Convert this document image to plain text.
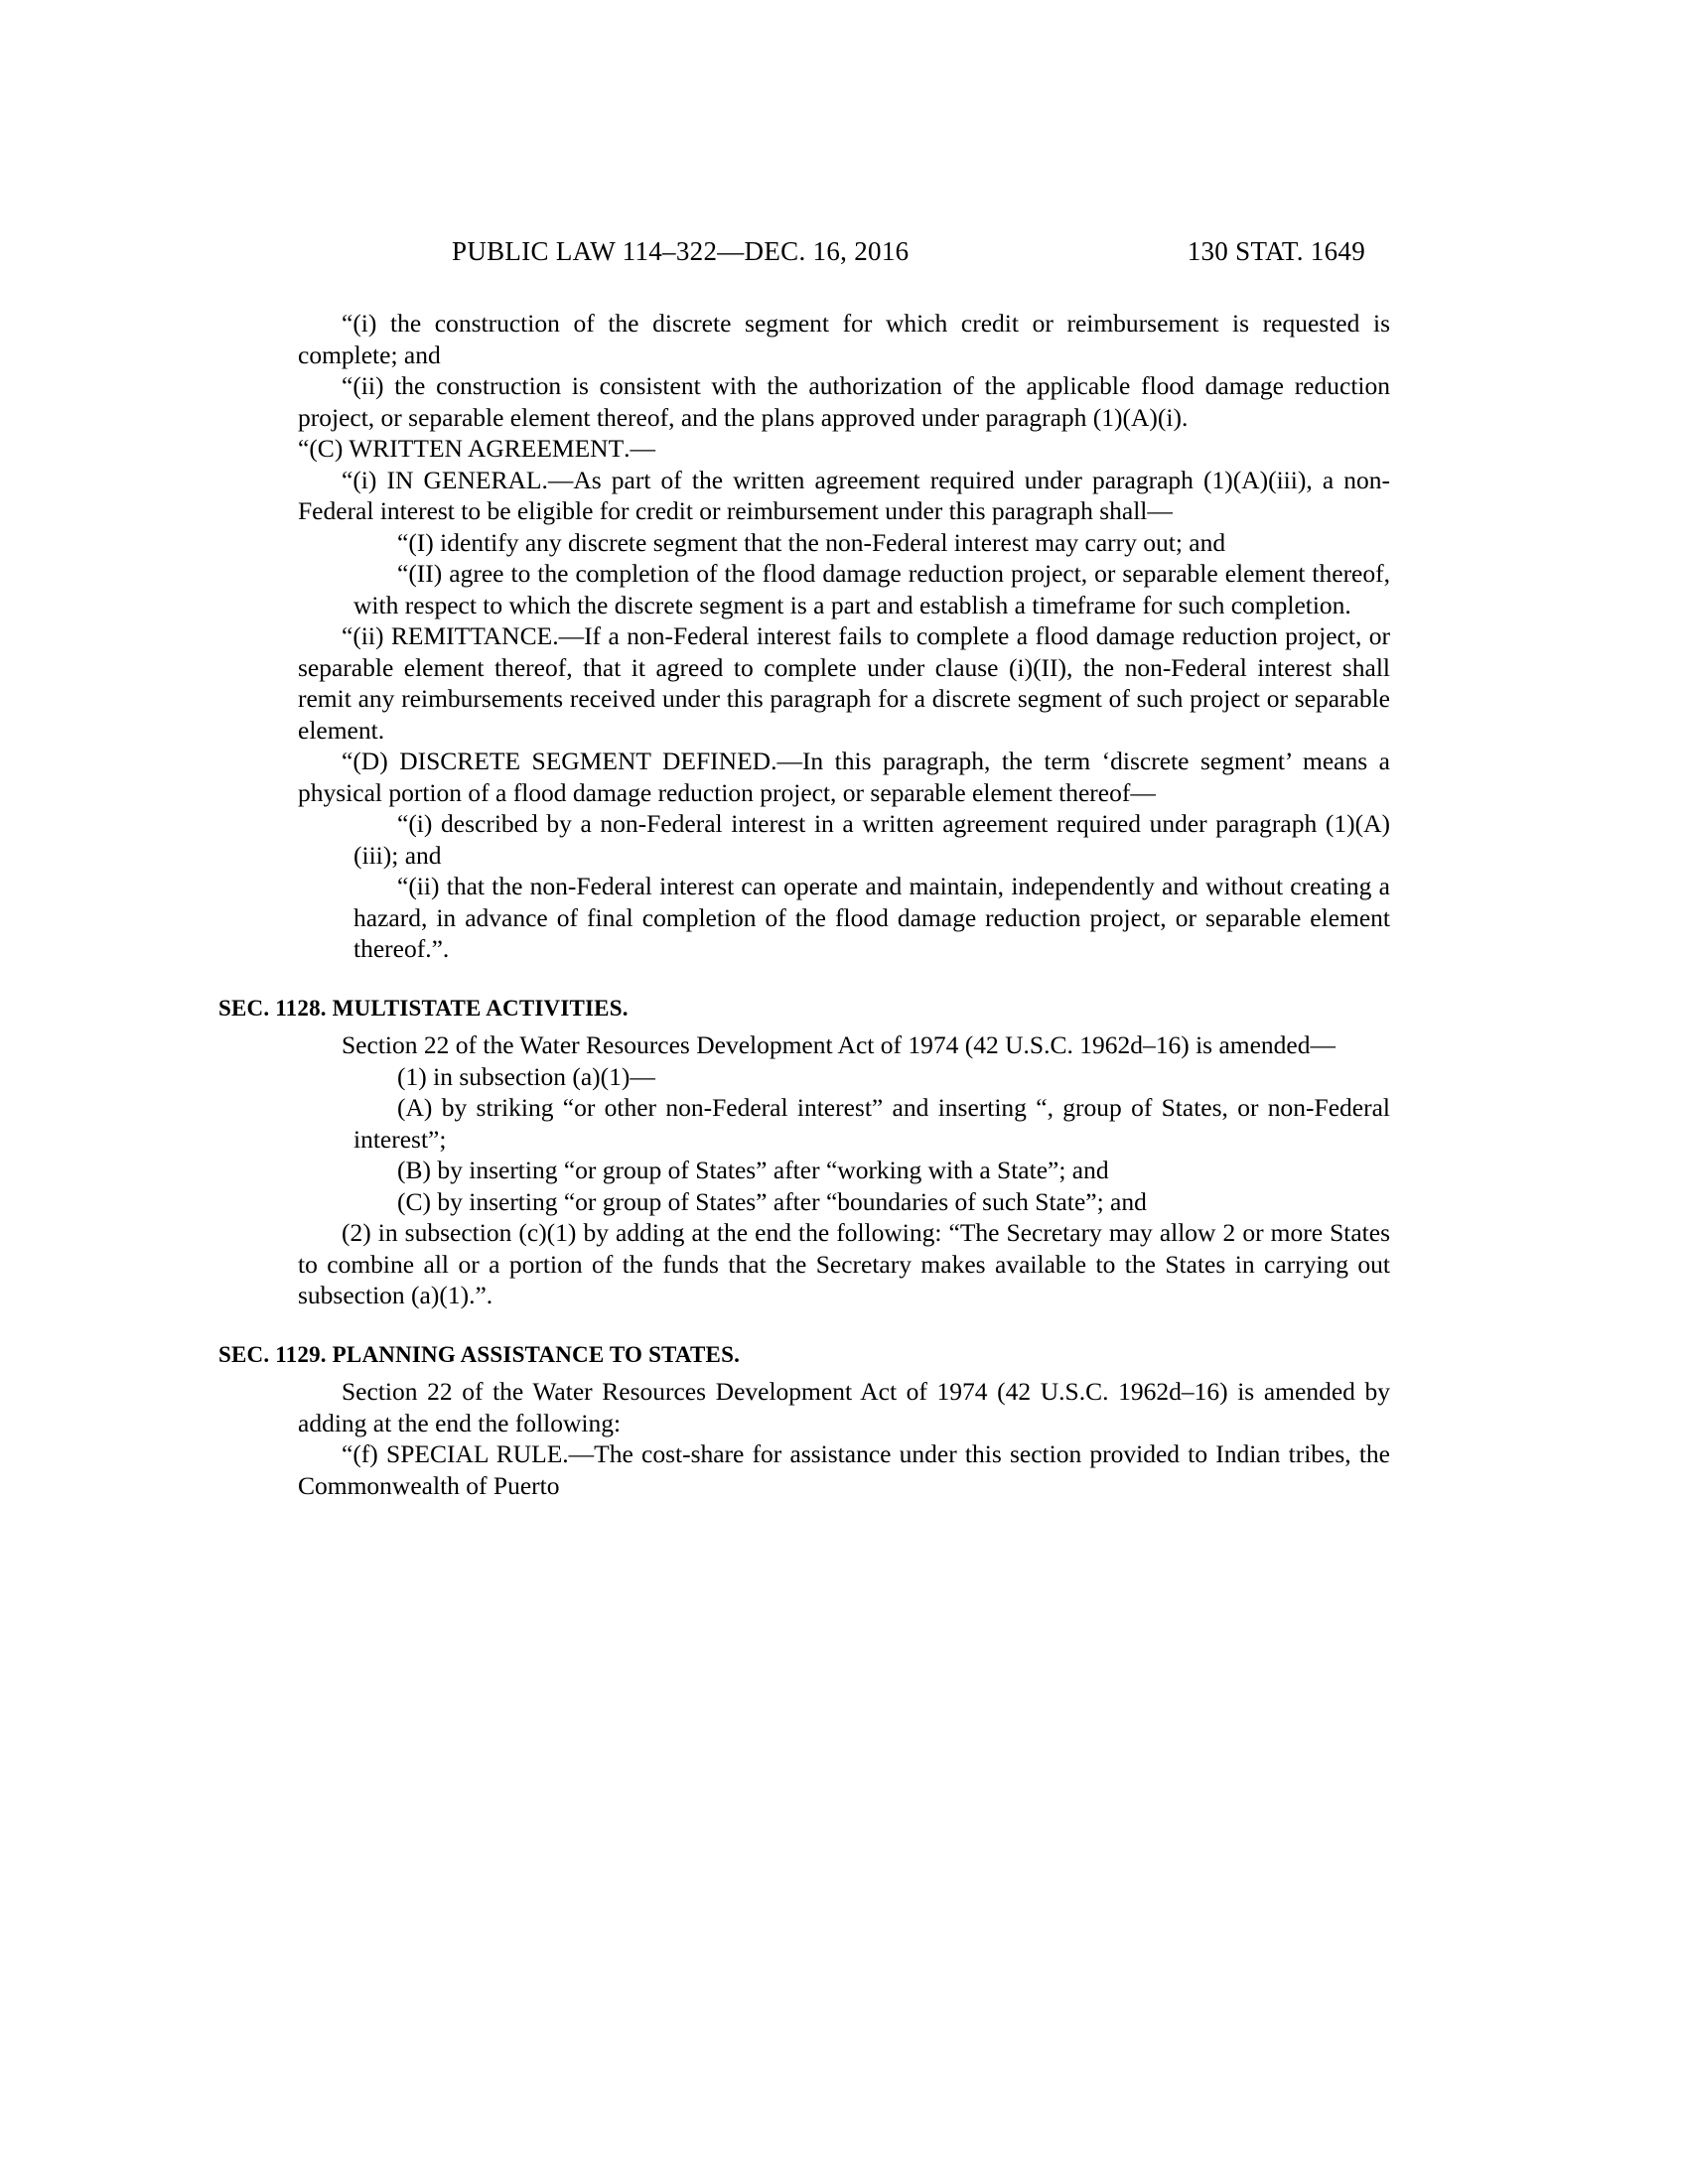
PUBLIC LAW 114–322—DEC. 16, 2016	130 STAT. 1649

“(i) the construction of the discrete segment for which credit or reimbursement is requested is complete; and

“(ii) the construction is consistent with the authorization of the applicable flood damage reduction project, or separable element thereof, and the plans approved under paragraph (1)(A)(i).

“(C) WRITTEN AGREEMENT.—

“(i) IN GENERAL.—As part of the written agreement required under paragraph (1)(A)(iii), a non-Federal interest to be eligible for credit or reimbursement under this paragraph shall—

“(I) identify any discrete segment that the non-Federal interest may carry out; and

“(II) agree to the completion of the flood damage reduction project, or separable element thereof, with respect to which the discrete segment is a part and establish a timeframe for such completion.

“(ii) REMITTANCE.—If a non-Federal interest fails to complete a flood damage reduction project, or separable element thereof, that it agreed to complete under clause (i)(II), the non-Federal interest shall remit any reimbursements received under this paragraph for a discrete segment of such project or separable element.

“(D) DISCRETE SEGMENT DEFINED.—In this paragraph, the term ‘discrete segment’ means a physical portion of a flood damage reduction project, or separable element thereof—

“(i) described by a non-Federal interest in a written agreement required under paragraph (1)(A)(iii); and

“(ii) that the non-Federal interest can operate and maintain, independently and without creating a hazard, in advance of final completion of the flood damage reduction project, or separable element thereof.”.

SEC. 1128. MULTISTATE ACTIVITIES.

Section 22 of the Water Resources Development Act of 1974 (42 U.S.C. 1962d–16) is amended—

(1) in subsection (a)(1)—

(A) by striking “or other non-Federal interest” and inserting “, group of States, or non-Federal interest”;

(B) by inserting “or group of States” after “working with a State”; and

(C) by inserting “or group of States” after “boundaries of such State”; and

(2) in subsection (c)(1) by adding at the end the following: “The Secretary may allow 2 or more States to combine all or a portion of the funds that the Secretary makes available to the States in carrying out subsection (a)(1).”.

SEC. 1129. PLANNING ASSISTANCE TO STATES.

Section 22 of the Water Resources Development Act of 1974 (42 U.S.C. 1962d–16) is amended by adding at the end the following:

“(f) SPECIAL RULE.—The cost-share for assistance under this section provided to Indian tribes, the Commonwealth of Puerto
